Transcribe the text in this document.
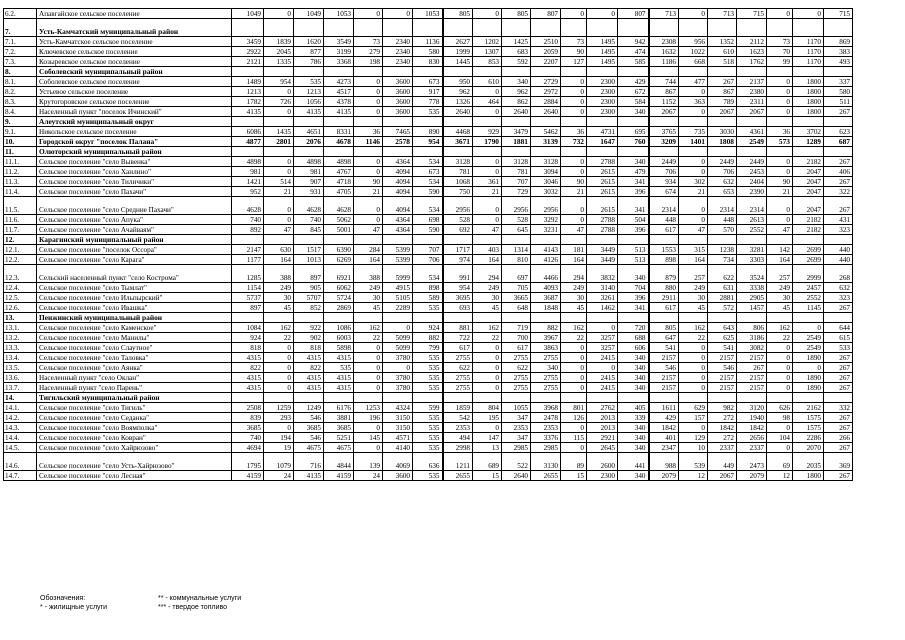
6.2.	Апавгайское сельское поселение	1049	0	1049	1053	0	0	1053	805	0	805	807	0	0	807	713	0	713	715	0	0	715
7.	Усть-Камчатский муниципальный район																					
7.1.	Усть-Камчатское сельское поселение	3459	1839	1620	3549	73	2340	1136	2627	1202	1425	2510	73	1495	942	2308	956	1352	2112	73	1170	869
7.2.	Ключевское сельское поселение	2922	2045	877	3199	279	2340	580	1999	1307	683	2059	90	1495	474	1632	1022	610	1623	70	1170	383
7.3.	Козыревское сельское поселение	2121	1335	786	3368	198	2340	830	1445	853	592	2207	127	1495	585	1186	668	518	1762	99	1170	493
8.	Соболевский муниципальный район																					
8.1.	Соболевское сельское поселение	1489	954	535	4273	0	3600	673	950	610	340	2729	0	2300	429	744	477	267	2137	0	1800	337
8.2.	Устьевое сельское поселение	1213	0	1213	4517	0	3600	917	962	0	962	2972	0	2300	672	867	0	867	2380	0	1800	580
8.3.	Крутогоровское сельское поселение	1782	726	1056	4378	0	3600	778	1326	464	862	2884	0	2300	584	1152	363	789	2311	0	1800	511
8.4.	Населенный пункт "поселок Ичинский"	4135	0	4135	4135	0	3600	535	2640	0	2640	2640	0	2300	340	2067	0	2067	2067	0	1800	267
9.	Алеутский муниципальный округ																					
9.1.	Никольское сельское поселение	6086	1435	4651	8331	36	7465	890	4468	929	3479	5462	36	4731	695	3765	735	3030	4361	36	3702	623
10.	Городской округ "поселок Палана"	4877	2801	2076	4678	1146	2578	954	3671	1790	1881	3139	732	1647	760	3209	1401	1808	2549	573	1289	687
11.	Олюторский муниципальный район																					
11.1.	Сельское поселение "село Вывенка"	4898	0	4898	4898	0	4364	534	3128	0	3128	3128	0	2788	340	2449	0	2449	2449	0	2182	267
11.2.	Сельское поселение "село Хаилино"	981	0	981	4767	0	4094	673	781	0	781	3094	0	2615	479	706	0	706	2453	0	2047	406
11.3.	Сельское поселение "село Тиличики"	1421	514	907	4718	90	4094	534	1068	361	707	3046	90	2615	341	934	302	632	2404	90	2047	267
11.4.	Сельское поселение "село Пахачи"	952	21	931	4705	21	4094	590	750	21	729	3032	21	2615	396	674	21	653	2390	21	2047	322
11.5.	Сельское поселение "село Средние Пахачи"	4628	0	4628	4628	0	4094	534	2956	0	2956	2956	0	2615	341	2314	0	2314	2314	0	2047	267
11.6.	Сельское поселение "село Апука"	740	0	740	5062	0	4364	698	528	0	528	3292	0	2788	504	448	0	448	2613	0	2182	431
11.7.	Сельское поселение "село Ачайваям"	892	47	845	5001	47	4364	590	692	47	645	3231	47	2788	396	617	47	570	2552	47	2182	323
12.	Карагинский муниципальный район																					
12.1.	Сельское поселение "поселок Оссора"	2147	630	1517	6390	284	5399	707	1717	403	1314	4143	181	3449	513	1553	315	1238	3281	142	2699	440
12.2.	Сельское поселение "село Карага"	1177	164	1013	6269	164	5399	706	974	164	810	4126	164	3449	513	898	164	734	3303	164	2699	440
12.3.	Сельский населенный пункт "село Кострома"	1285	388	897	6921	388	5999	534	991	294	697	4466	294	3832	340	879	257	622	3524	257	2999	268
12.4.	Сельское поселение "село Тымлат"	1154	249	905	6062	249	4915	898	954	249	705	4093	249	3140	704	880	249	631	3338	249	2457	632
12.5.	Сельское поселение "село Ильпырский"	5737	30	5707	5724	30	5105	589	3695	30	3665	3687	30	3261	396	2911	30	2881	2905	30	2552	323
12.6.	Сельское поселение "село Ивашка"	897	45	852	2869	45	2289	535	693	45	648	1848	45	1462	341	617	45	572	1457	45	1145	267
13.	Пенжинский муниципальный район																					
13.1.	Сельское поселение "село Каменское"	1084	162	922	1086	162	0	924	881	162	719	882	162	0	720	805	162	643	806	162	0	644
13.2.	Сельское поселение "село Манилы"	924	22	902	6003	22	5099	882	722	22	700	3967	22	3257	688	647	22	625	3186	22	2549	615
13.3.	Сельское поселение "село Слаутное"	818	0	818	5898	0	5099	799	617	0	617	3863	0	3257	606	541	0	541	3082	0	2549	533
13.4.	Сельское поселение "село Таловка"	4315	0	4315	4315	0	3780	535	2755	0	2755	2755	0	2415	340	2157	0	2157	2157	0	1890	267
13.5.	Сельское поселение "село Аянка"	822	0	822	535	0	0	535	622	0	622	340	0	0	340	546	0	546	267	0	0	267
13.6.	Населенный пункт "село Оклан"	4315	0	4315	4315	0	3780	535	2755	0	2755	2755	0	2415	340	2157	0	2157	2157	0	1890	267
13.7.	Населенный пункт "село Парень"	4315	0	4315	4315	0	3780	535	2755	0	2755	2755	0	2415	340	2157	0	2157	2157	0	1890	267
14.	Тигильский муниципальный район																					
14.1.	Сельское поселение "село Тигиль"	2508	1259	1249	6176	1253	4324	599	1859	804	1055	3968	801	2762	405	1611	629	982	3120	626	2162	332
14.2.	Сельское поселение "село Седанка"	839	293	546	3881	196	3150	535	542	195	347	2478	126	2013	339	429	157	272	1940	98	1575	267
14.3.	Сельское поселение "село Воямполка"	3685	0	3685	3685	0	3150	535	2353	0	2353	2353	0	2013	340	1842	0	1842	1842	0	1575	267
14.4.	Сельское поселение "село Ковран"	740	194	546	5251	145	4571	535	494	147	347	3376	115	2921	340	401	129	272	2656	104	2286	266
14.5.	Сельское поселение "село Хайрюзово"	4694	19	4675	4675	0	4140	535	2998	13	2985	2985	0	2645	340	2347	10	2337	2337	0	2070	267
14.6.	Сельское поселение "село Усть-Хайрюзово"	1795	1079	716	4844	139	4069	636	1211	689	522	3130	89	2600	441	988	539	449	2473	69	2035	369
14.7.	Сельское поселение "село Лесная"	4159	24	4135	4159	24	3600	535	2655	15	2640	2655	15	2300	340	2079	12	2067	2079	12	1800	267
Обозначения:	** - коммунальные услуги
* - жилищные услуги	*** - твердое топливо
